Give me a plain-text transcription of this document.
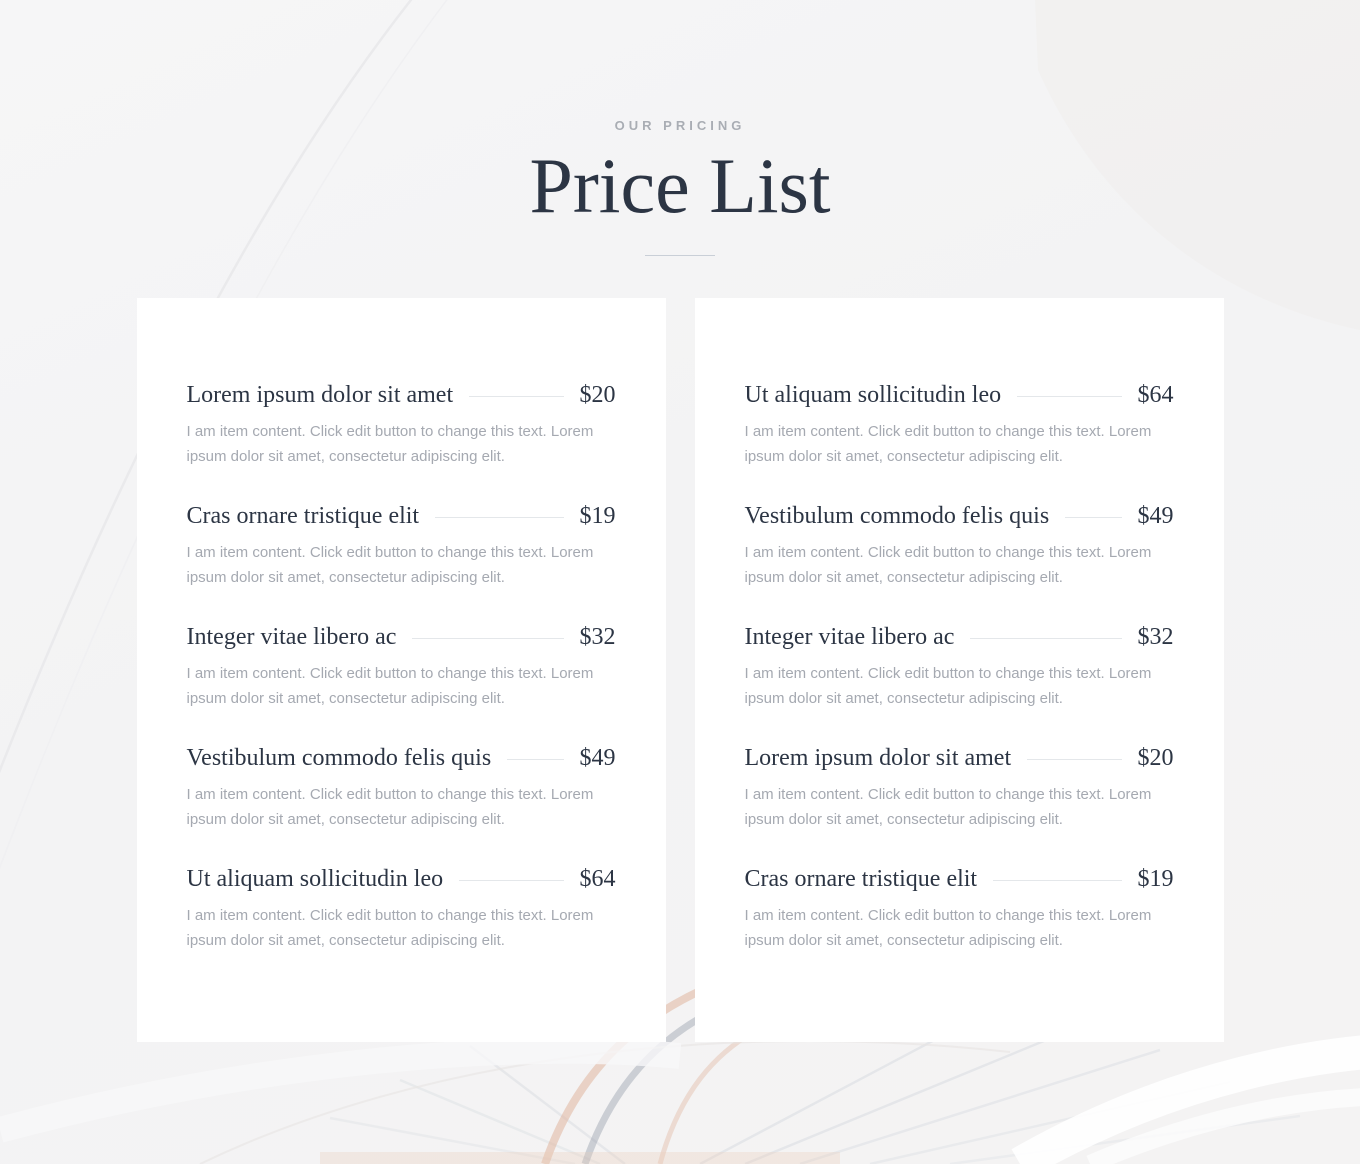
OUR PRICING
Price List
Lorem ipsum dolor sit amet	$20

I am item content. Click edit button to change this text. Lorem
ipsum dolor sit amet, consectetur adipiscing elit.

Cras ornare tristique elit	$19

I am item content. Click edit button to change this text. Lorem
ipsum dolor sit amet, consectetur adipiscing elit.

Integer vitae libero ac	$32

I am item content. Click edit button to change this text. Lorem
ipsum dolor sit amet, consectetur adipiscing elit.

Vestibulum commodo felis quis	$49

I am item content. Click edit button to change this text. Lorem
ipsum dolor sit amet, consectetur adipiscing elit.

Ut aliquam sollicitudin leo	$64

I am item content. Click edit button to change this text. Lorem
ipsum dolor sit amet, consectetur adipiscing elit.

Ut aliquam sollicitudin leo	$64

I am item content. Click edit button to change this text. Lorem
ipsum dolor sit amet, consectetur adipiscing elit.

Vestibulum commodo felis quis	$49

I am item content. Click edit button to change this text. Lorem
ipsum dolor sit amet, consectetur adipiscing elit.

Integer vitae libero ac	$32

I am item content. Click edit button to change this text. Lorem
ipsum dolor sit amet, consectetur adipiscing elit.

Lorem ipsum dolor sit amet	$20

I am item content. Click edit button to change this text. Lorem
ipsum dolor sit amet, consectetur adipiscing elit.

Cras ornare tristique elit	$19

I am item content. Click edit button to change this text. Lorem
ipsum dolor sit amet, consectetur adipiscing elit.
